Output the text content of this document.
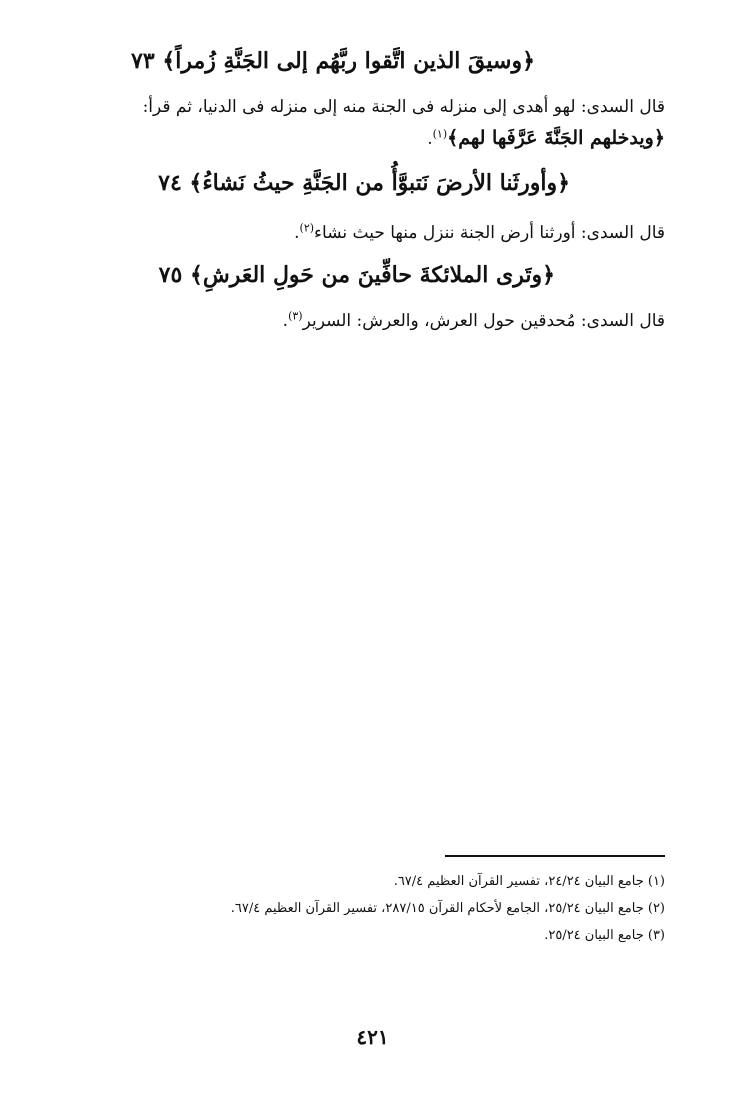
﴿وسيقَ الذين اتَّقوا ربَّهُم إلى الجَنَّةِ زُمراً﴾ ٧٣
قال السدى: لهو أهدى إلى منزله فى الجنة منه إلى منزله فى الدنيا، ثم قرأ:
﴿ويدخلهم الجَنَّةَ عَرَّفَها لهم﴾$^{(١)}$.
﴿وأورثَنا الأرضَ نَتبوَّأُ من الجَنَّةِ حيثُ نَشاءُ﴾ ٧٤
قال السدى: أورثنا أرض الجنة ننزل منها حيث نشاء$^{(٢)}$.
﴿وتَرى الملائكةَ حافِّينَ من حَولِ العَرشِ﴾ ٧٥
قال السدى: مُحدقين حول العرش، والعرش: السرير$^{(٣)}$.
(١) جامع البيان ٢٤/٢٤، تفسير القرآن العظيم ٦٧/٤.
(٢) جامع البيان ٢٥/٢٤، الجامع لأحكام القرآن ٢٨٧/١٥، تفسير القرآن العظيم ٦٧/٤.
(٣) جامع البيان ٢٥/٢٤.
٤٢١
